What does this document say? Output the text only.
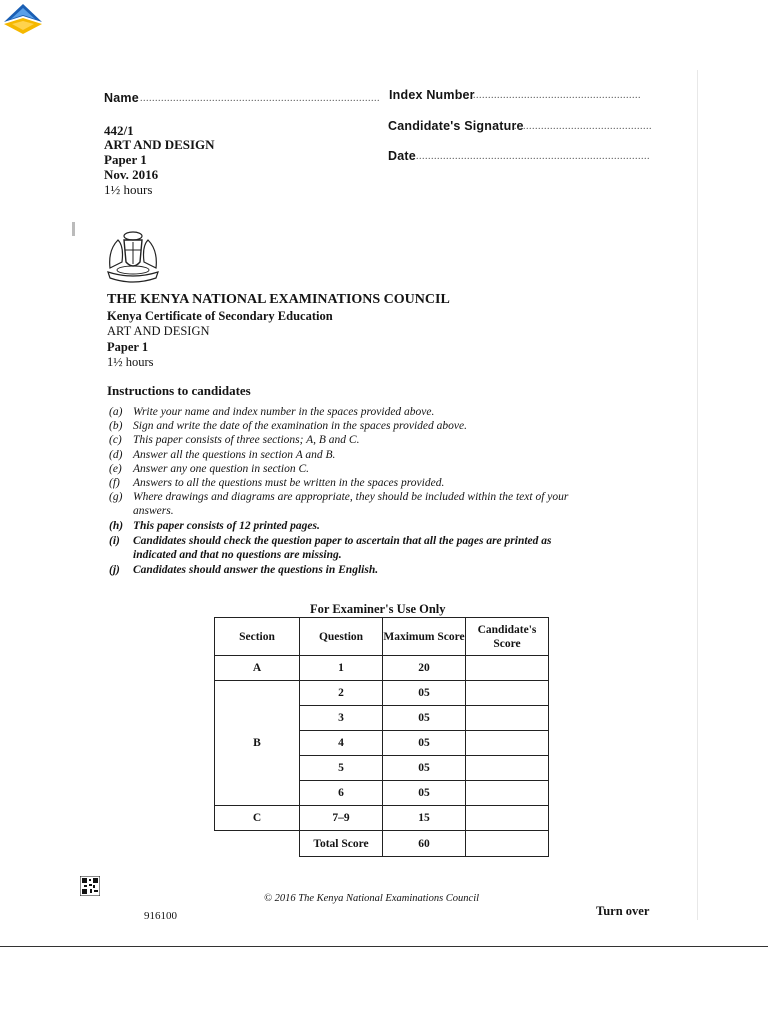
Name ................................................................................ Index Number
........................................................
Candidate's Signature
..............................................
Date ..............................................................................
442/1
ART AND DESIGN
Paper 1
Nov. 2016
1½ hours
THE KENYA NATIONAL EXAMINATIONS COUNCIL
Kenya Certificate of Secondary Education
ART AND DESIGN
Paper 1
1½ hours
Instructions to candidates
(a) Write your name and index number in the spaces provided above.
(b) Sign and write the date of the examination in the spaces provided above.
(c) This paper consists of three sections; A, B and C.
(d) Answer all the questions in section A and B.
(e) Answer any one question in section C.
(f) Answers to all the questions must be written in the spaces provided.
(g) Where drawings and diagrams are appropriate, they should be included within the text of your
answers.
(h) This paper consists of 12 printed pages.
(i) Candidates should check the question paper to ascertain that all the pages are printed as
indicated and that no questions are missing.
(j) Candidates should answer the questions in English.
For Examiner's Use Only
Section	Question	Maximum Score	Candidate's Score
A	1	20	
B	2	05	
	3	05	
	4	05	
	5	05	
	6	05	
C	7–9	15	
	Total Score	60	
© 2016 The Kenya National Examinations Council
916100	Turn over
